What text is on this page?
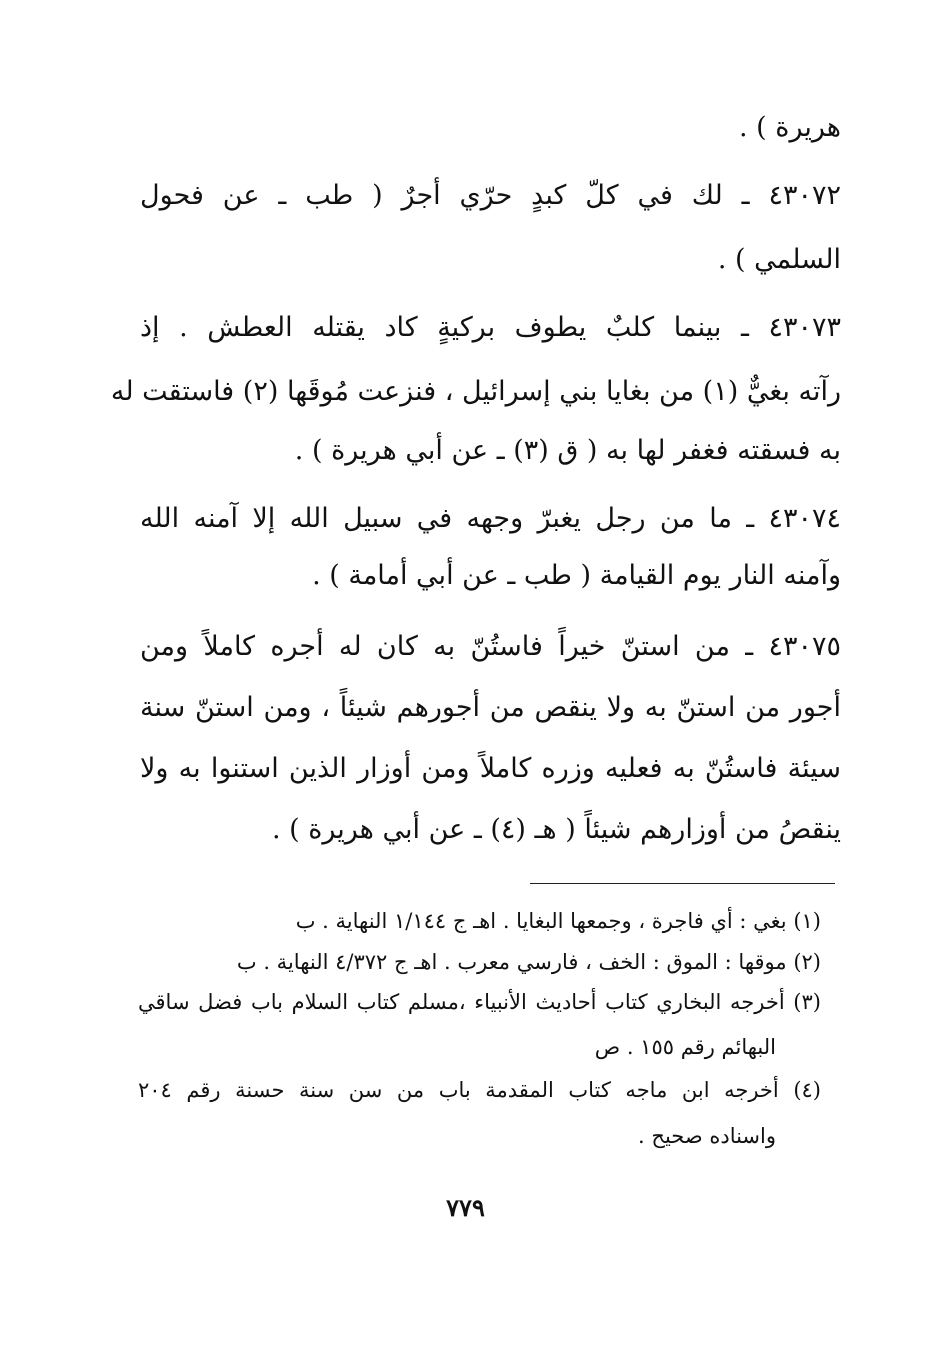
هريرة ) .
٤٣٠٧٢ ـ لك في كلّ كبدٍ حرّي أجرٌ ( طب ـ عن فحول
السلمي ) .
٤٣٠٧٣ ـ بينما كلبٌ يطوف بركيةٍ كاد يقتله العطش . إذ
رآته بغيٌّ (١) من بغايا بني إسرائيل ، فنزعت مُوقَها (٢) فاستقت له
به فسقته فغفر لها به ( ق (٣) ـ عن أبي هريرة ) .
٤٣٠٧٤ ـ ما من رجل يغبرّ وجهه في سبيل الله إلا آمنه الله
وآمنه النار يوم القيامة ( طب ـ عن أبي أمامة ) .
٤٣٠٧٥ ـ من استنّ خيراً فاستُنّ به كان له أجره كاملاً ومن
أجور من استنّ به ولا ينقص من أجورهم شيئاً ، ومن استنّ سنة
سيئة فاستُنّ به فعليه وزره كاملاً ومن أوزار الذين استنوا به ولا
ينقصُ من أوزارهم شيئاً ( هـ (٤) ـ عن أبي هريرة ) .
(١) بغي : أي فاجرة ، وجمعها البغايا . اهـ ج ١/١٤٤ النهاية . ب
(٢) موقها : الموق : الخف ، فارسي معرب . اهـ ج ٤/٣٧٢ النهاية . ب
(٣) أخرجه البخاري كتاب أحاديث الأنبياء ،مسلم كتاب السلام باب فضل ساقي
البهائم رقم ١٥٥ . ص
(٤) أخرجه ابن ماجه كتاب المقدمة باب من سن سنة حسنة رقم ٢٠٤
واسناده صحيح .
٧٧٩
